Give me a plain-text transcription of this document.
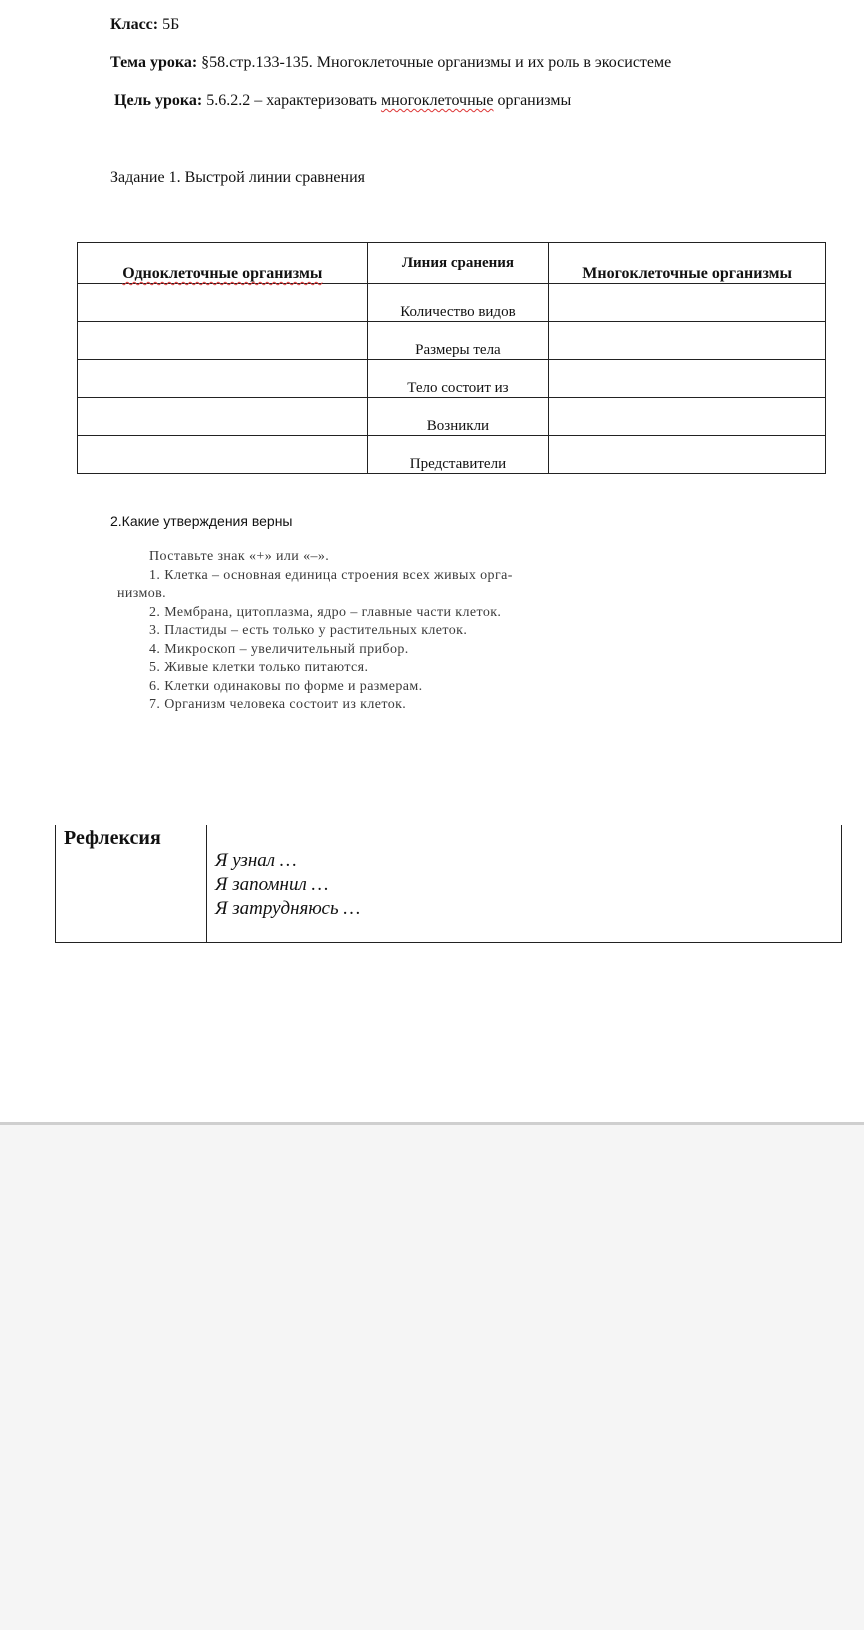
Класс: 5Б
Тема урока: §58.стр.133-135. Многоклеточные организмы и их роль в экосистеме
Цель урока: 5.6.2.2 – характеризовать многоклеточные организмы
Задание 1. Выстрой линии сравнения
Одноклеточные организмы	Линия сранения	Многоклеточные организмы
	Количество видов	
	Размеры тела	
	Тело состоит из	
	Возникли	
	Представители	
2.Какие утверждения верны
Поставьте знак «+» или «–».
1. Клетка – основная единица строения всех живых орга-
низмов.
2. Мембрана, цитоплазма, ядро – главные части клеток.
3. Пластиды – есть только у растительных клеток.
4. Микроскоп – увеличительный прибор.
5. Живые клетки только питаются.
6. Клетки одинаковы по форме и размерам.
7. Организм человека состоит из клеток.
Рефлексия
Я узнал …
Я запомнил …
Я затрудняюсь …
